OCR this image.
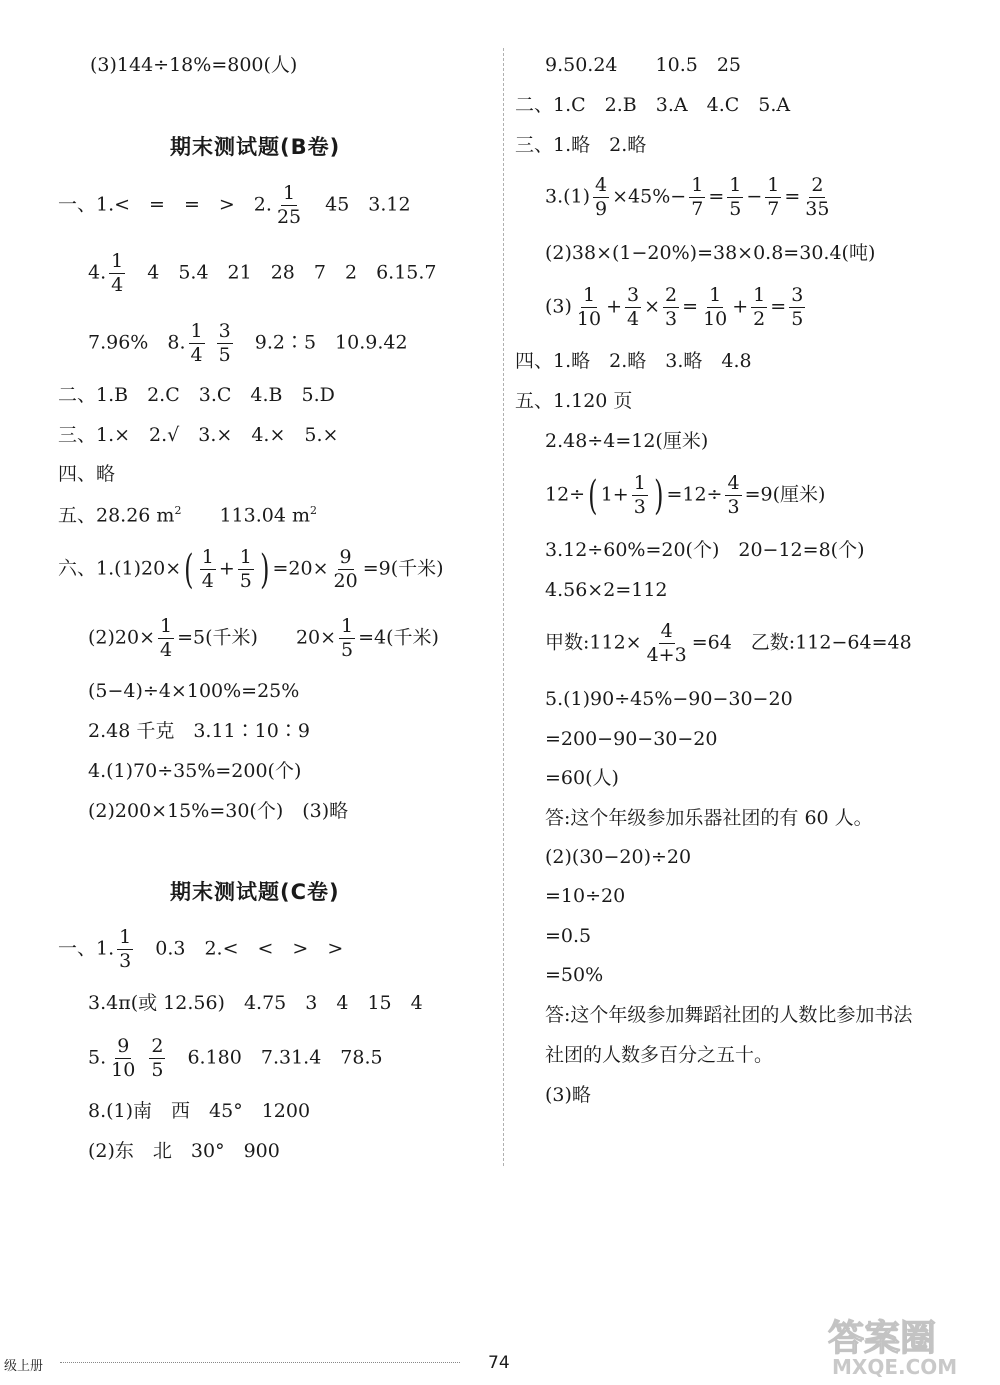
(3)144÷18%=800(人)
期末测试题(B卷)
一、1.<　=　=　>　2. $\frac{1}{25}$ 　45　3.12
4. $\frac{1}{4}$ 　4　5.4　21　28　7　2　6.15.7
7.96%　8. $\frac{1}{4}$
$\frac{3}{5}$ 　9.2∶5　10.9.42
二、1.B　2.C　3.C　4.B　5.D
三、1.×　2.√　3.×　4.×　5.×
四、略
五、28.26 $m^2$　　 113.04 $m^2$
六、$1.(1)20\times( \frac{1}{4} + \frac{1}{5}$ ) $=20\times \frac{9}{20} =9$(千米)
$(2)20\times \frac{1}{4} =5$(千米)　　$20\times \frac{1}{5} =4$(千米)
(5−4)÷4×100%=25%
2.48 千克　3.11∶10∶9
4.(1)70÷35%=200(个)
(2)200×15%=30(个)　(3)略
期末测试题(C卷)
一、1. $\frac{1}{3}$ 　0.3　2.<　<　>　>
3.4π(或 12.56)　4.75　3　4　15　4
5. $\frac{9}{10}$
$\frac{2}{5}$ 　6.180　7.31.4　78.5
8.(1)南　西　45°　1200
(2)东　北　30°　900
9.50.24　　10.5　25
二、1.C　2.B　3.A　4.C　5.A
三、1.略　2.略
$3.(1) \frac{4}{9} \times 45\%- \frac{1}{7} = \frac{1}{5} - \frac{1}{7} = \frac{2}{35}$
(2)38×(1−20%)=38×0.8=30.4(吨)
$(3) \frac{1}{10} + \frac{3}{4} \times \frac{2}{3} = \frac{1}{10} + \frac{1}{2} = \frac{3}{5}$
四、1.略　2.略　3.略　4.8
五、1.120 页
2.48÷4=12(厘米)
12÷( $1+ \frac{1}{3}$ ) $=12\div \frac{4}{3} =9$(厘米)
3.12÷60%=20(个)　20−12=8(个)
4.56×2=112
甲数:112× $\frac{4}{4+3} =64$　乙数:112−64=48
5.(1)90÷45%−90−30−20
=200−90−30−20
=60(人)
答:这个年级参加乐器社团的有 60 人。
(2)(30−20)÷20
=10÷20
=0.5
=50%
答:这个年级参加舞蹈社团的人数比参加书法
社团的人数多百分之五十。
(3)略
级上册	74
答案圈
MXQE.COM
